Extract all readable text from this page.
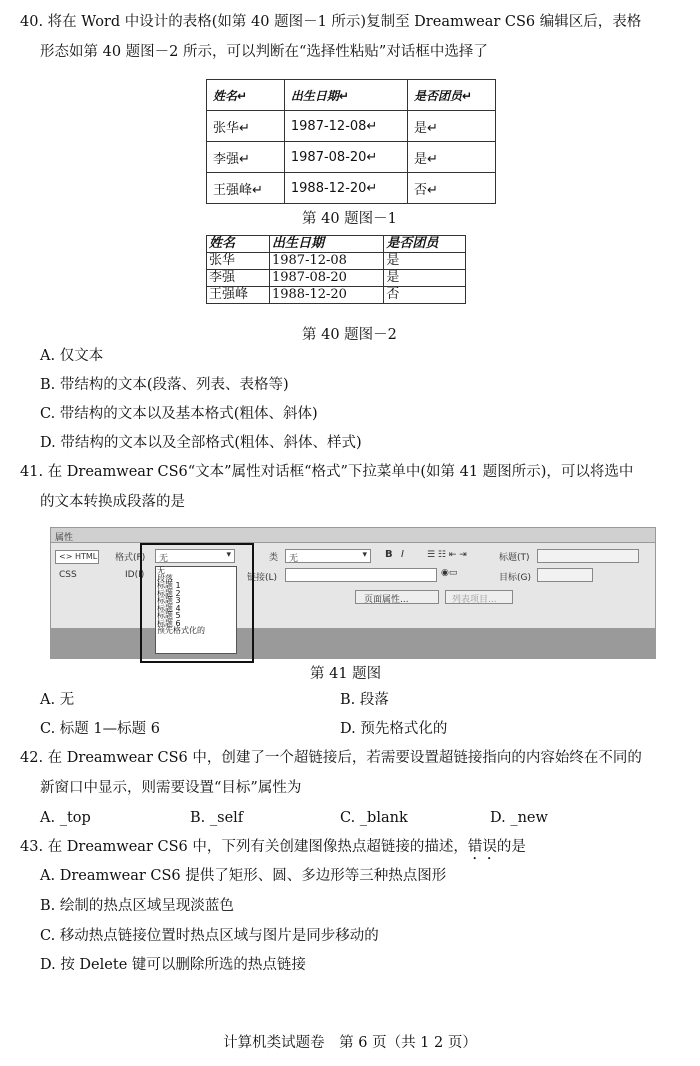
40. 将在 Word 中设计的表格(如第 40 题图－1 所示)复制至 Dreamwear CS6 编辑区后，表格
形态如第 40 题图－2 所示，可以判断在“选择性粘贴”对话框中选择了
姓名↵	出生日期↵	是否团员↵
张华↵	1987-12-08↵	是↵
李强↵	1987-08-20↵	是↵
王强峰↵	1988-12-20↵	否↵
第 40 题图－1
姓名	出生日期	是否团员
张华	1987-12-08	是
李强	1987-08-20	是
王强峰	1988-12-20	否
第 40 题图－2
A. 仅文本
B. 带结构的文本(段落、列表、表格等)
C. 带结构的文本以及基本格式(粗体、斜体)
D. 带结构的文本以及全部格式(粗体、斜体、样式)
41. 在 Dreamwear CS6“文本”属性对话框“格式”下拉菜单中(如第 41 题图所示)，可以将选中
的文本转换成段落的是
属性
<> HTML
CSS
格式(F) 无	▾
ID(I)
类 无	▾
链接(L)	◉▭
B I	☰ ☷ ⇤ ⇥	标题(T)
目标(G)
页面属性...	列表项目...
无
段落
标题 1
标题 2
标题 3
标题 4
标题 5
标题 6
预先格式化的
第 41 题图
A. 无	B. 段落
C. 标题 1—标题 6	D. 预先格式化的
42. 在 Dreamwear CS6 中，创建了一个超链接后，若需要设置超链接指向的内容始终在不同的
新窗口中显示，则需要设置“目标”属性为
A. _top	B. _self	C. _blank	D. _new
43. 在 Dreamwear CS6 中，下列有关创建图像热点超链接的描述，错误的是
A. Dreamwear CS6 提供了矩形、圆、多边形等三种热点图形
B. 绘制的热点区域呈现淡蓝色
C. 移动热点链接位置时热点区域与图片是同步移动的
D. 按 Delete 键可以删除所选的热点链接
计算机类试题卷　第 6 页（共 1 2 页）
